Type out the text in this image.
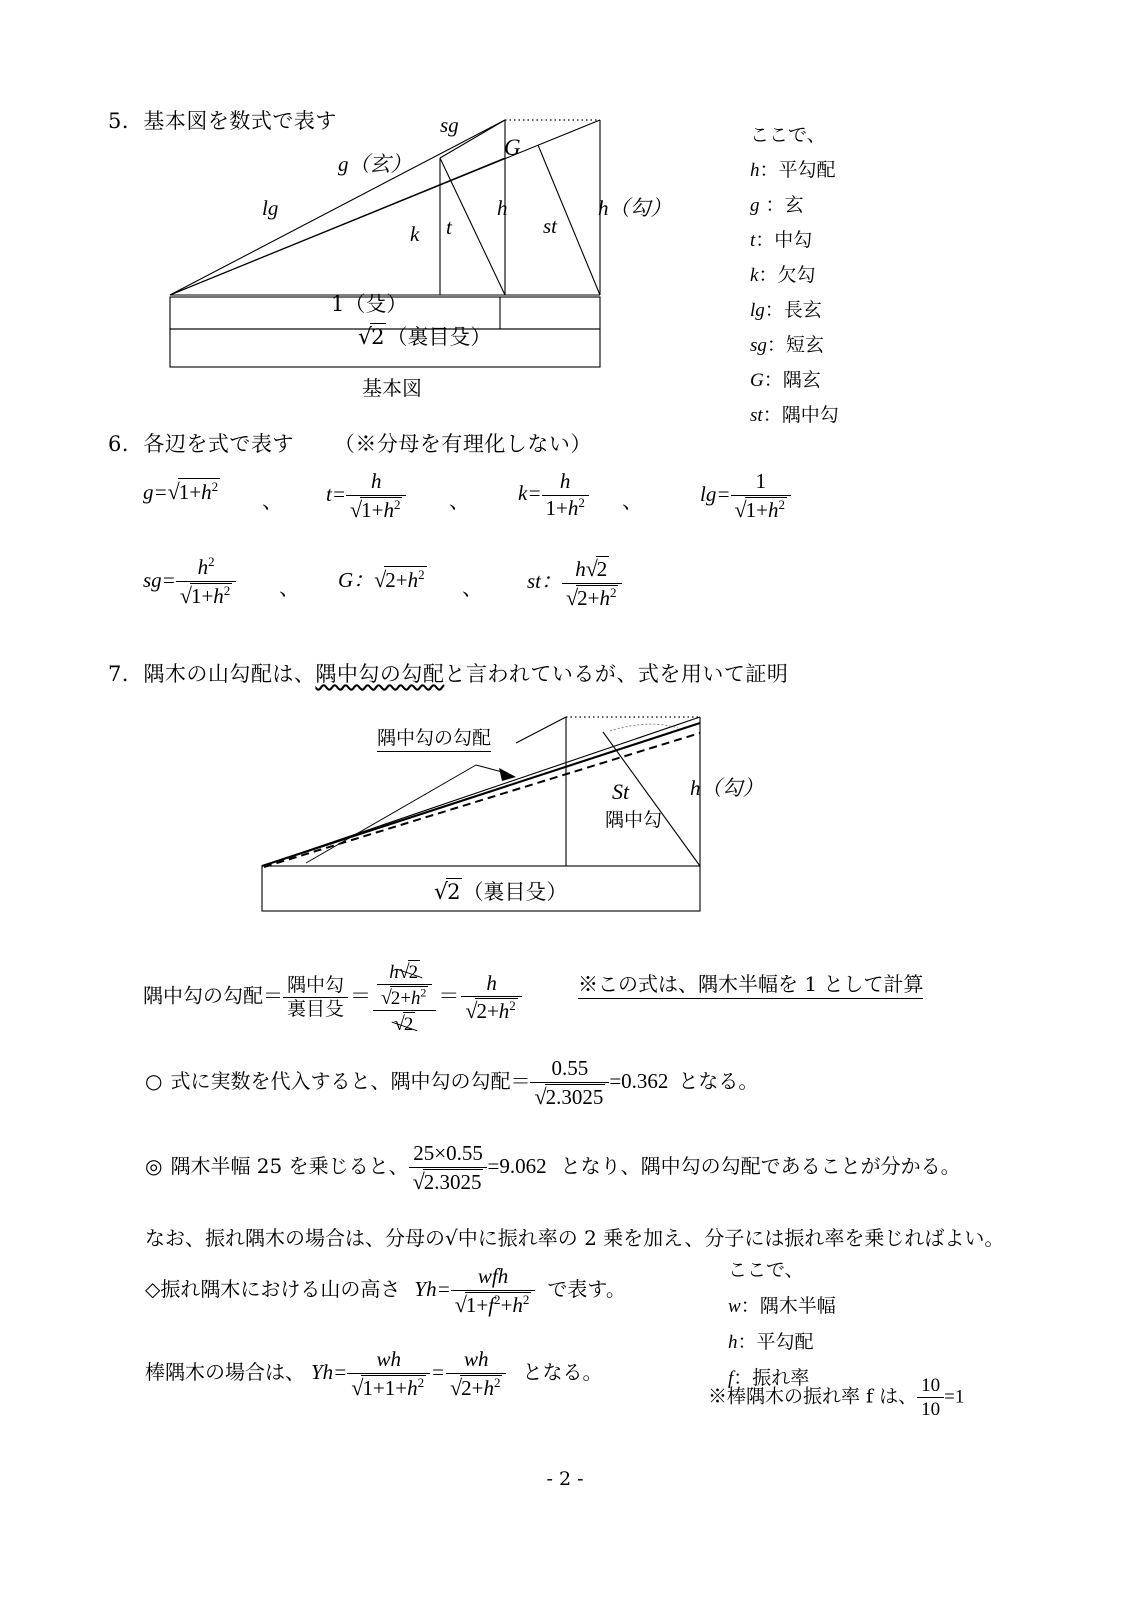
5．基本図を数式で表す	sg
g（玄）
lg
G
k t
h
st
h（勾）
1（殳）
√2（裏目殳）
基本図
ここで、
h：平勾配
g ：玄
t：中勾
k：欠勾
lg：長玄
sg：短玄
G：隅玄
st：隅中勾
6．各辺を式で表す （※分母を有理化しない）
$g=√1+h^2$
、 $t= \frac{h}{√1+h^2}$ 、 $k= \frac{h}{1+h^2}$ 、	$\lg= \frac{1}{√1+h^2}$
$sg= \frac{h^2}{√1+h^2}$ 、 G：$√2+h^2$
、 st： $\frac{h√2}{√2+h^2}$
7．隅木の山勾配は、隅中勾の勾配と言われているが、式を用いて証明
隅中勾の勾配
St
隅中勾
h（勾）
√2（裏目殳）
隅中勾の勾配＝ $\frac{\text{隅中勾}}{\text{裏目殳}} = \frac{\frac{h√2}{√2+h^2}}{√2} = \frac{h}{√2+h^2}$	※この式は、隅木半幅を 1 として計算
○ 式に実数を代入すると、隅中勾の勾配＝ $\frac{0.55}{√2.3025} =0.362$ となる。
◎ 隅木半幅 25 を乗じると、 $\frac{25\times 0.55}{√2.3025} =9.062$ となり、隅中勾の勾配であることが分かる。
なお、振れ隅木の場合は、分母の√中に振れ率の 2 乗を加え、分子には振れ率を乗じればよい。
◇振れ隅木における山の高さ $Yh= \frac{\text{wfh}}{√1+f^2+h^2}$ で表す。
棒隅木の場合は、 $Yh= \frac{wh}{√1+1+h^2} = \frac{wh}{√2+h^2}$ となる。
ここで、
w：隅木半幅
h：平勾配
f：振れ率
※棒隅木の振れ率 f は、 $\frac{10}{10} =1$
- 2 -
